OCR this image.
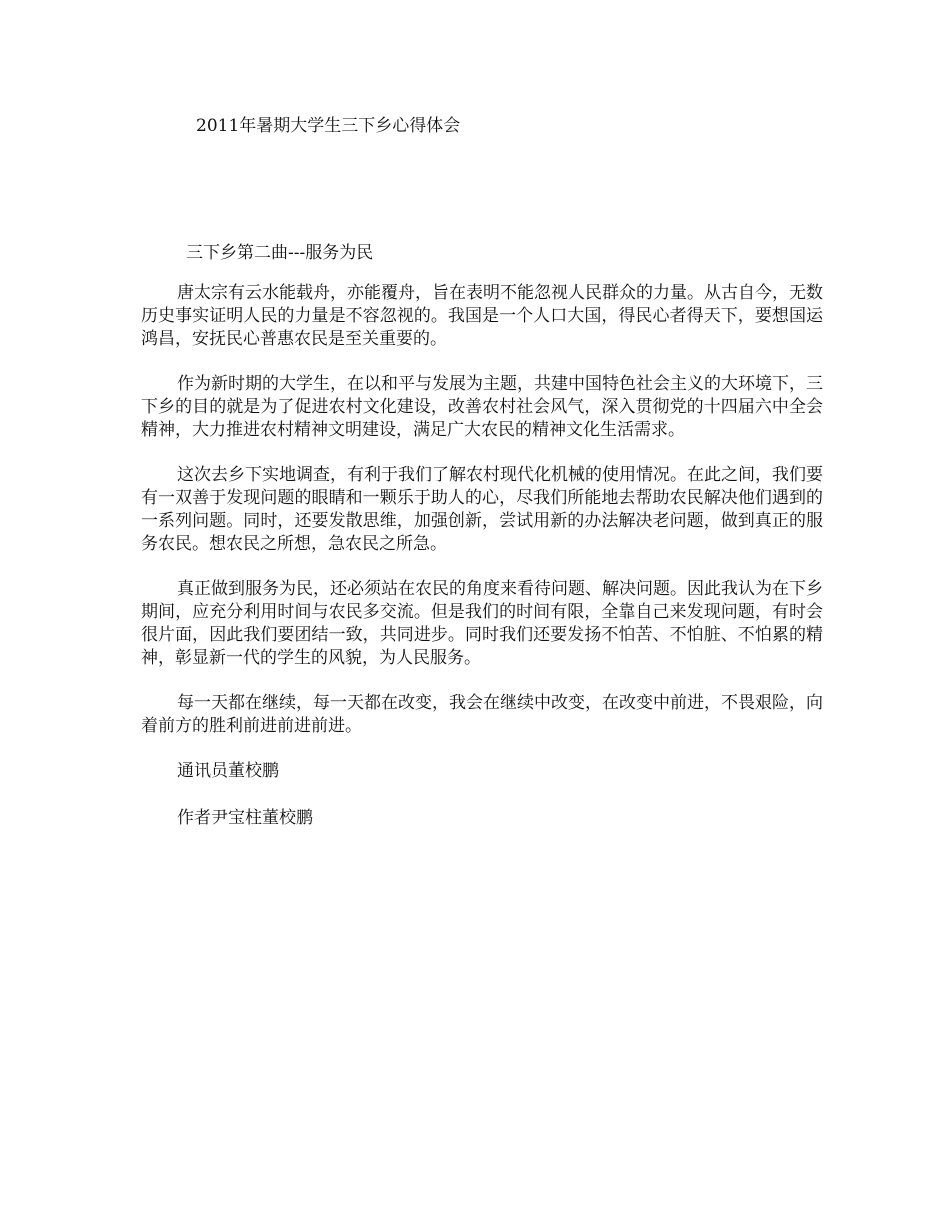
2011年暑期大学生三下乡心得体会
三下乡第二曲---服务为民

唐太宗有云水能载舟，亦能覆舟，旨在表明不能忽视人民群众的力量。从古自今，无数历史事实证明人民的力量是不容忽视的。我国是一个人口大国，得民心者得天下，要想国运鸿昌，安抚民心普惠农民是至关重要的。

作为新时期的大学生，在以和平与发展为主题，共建中国特色社会主义的大环境下，三下乡的目的就是为了促进农村文化建设，改善农村社会风气，深入贯彻党的十四届六中全会精神，大力推进农村精神文明建设，满足广大农民的精神文化生活需求。

这次去乡下实地调查，有利于我们了解农村现代化机械的使用情况。在此之间，我们要有一双善于发现问题的眼睛和一颗乐于助人的心，尽我们所能地去帮助农民解决他们遇到的一系列问题。同时，还要发散思维，加强创新，尝试用新的办法解决老问题，做到真正的服务农民。想农民之所想，急农民之所急。

真正做到服务为民，还必须站在农民的角度来看待问题、解决问题。因此我认为在下乡期间，应充分利用时间与农民多交流。但是我们的时间有限，全靠自己来发现问题，有时会很片面，因此我们要团结一致，共同进步。同时我们还要发扬不怕苦、不怕脏、不怕累的精神，彰显新一代的学生的风貌，为人民服务。

每一天都在继续，每一天都在改变，我会在继续中改变，在改变中前进，不畏艰险，向着前方的胜利前进前进前进。

通讯员董校鹏

作者尹宝柱董校鹏
